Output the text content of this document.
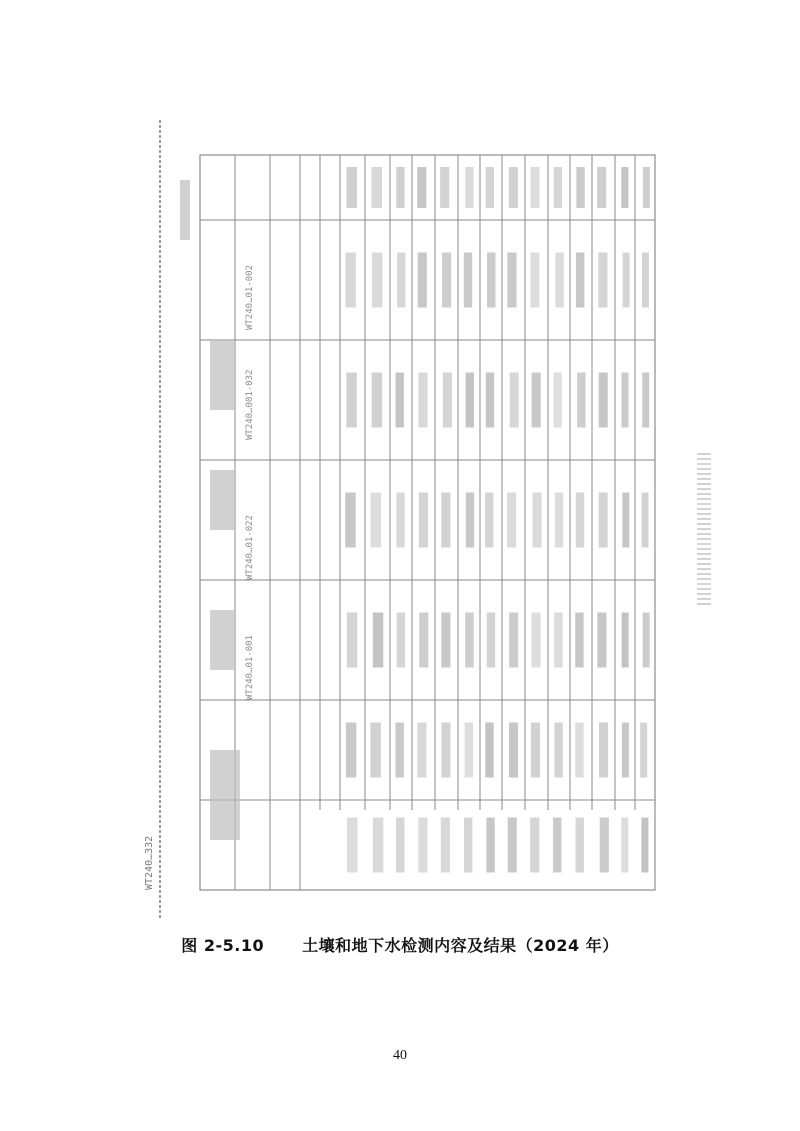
WT240…332
WT240…001-032
WT240…01-022
WT240…01-002
WT240…01-001
图 2-5.10 土壤和地下水检测内容及结果（2024 年）
40
